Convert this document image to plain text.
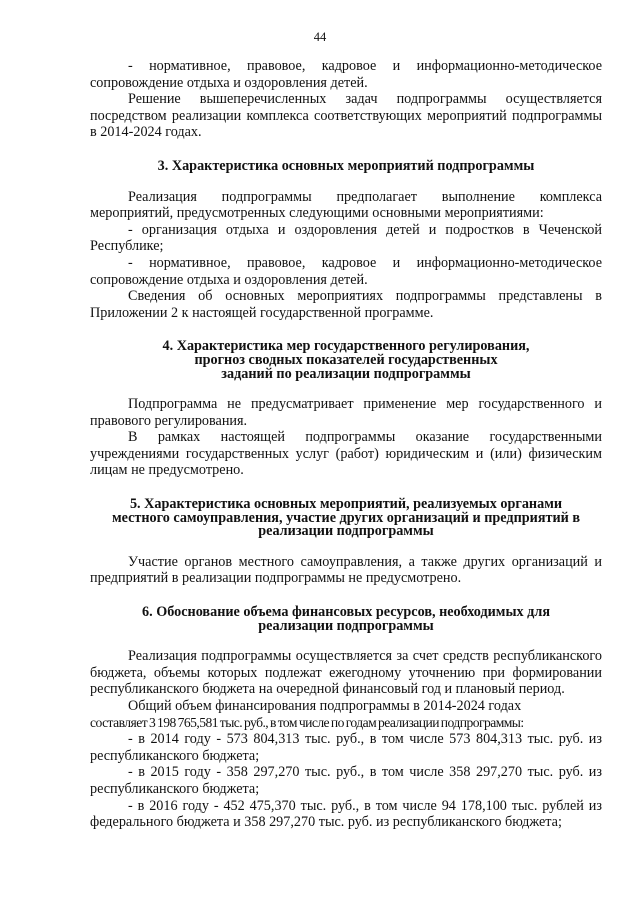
44

- нормативное, правовое, кадровое и информационно-методическое сопровождение отдыха и оздоровления детей.

Решение вышеперечисленных задач подпрограммы осуществляется посредством реализации комплекса соответствующих мероприятий подпрограммы в 2014-2024 годах.

3. Характеристика основных мероприятий подпрограммы

Реализация подпрограммы предполагает выполнение комплекса мероприятий, предусмотренных следующими основными мероприятиями:

- организация отдыха и оздоровления детей и подростков в Чеченской Республике;

- нормативное, правовое, кадровое и информационно-методическое сопровождение отдыха и оздоровления детей.

Сведения об основных мероприятиях подпрограммы представлены в Приложении 2 к настоящей государственной программе.

4. Характеристика мер государственного регулирования,

прогноз сводных показателей государственных

заданий по реализации подпрограммы

Подпрограмма не предусматривает применение мер государственного и правового регулирования.

В рамках настоящей подпрограммы оказание государственными учреждениями государственных услуг (работ) юридическим и (или) физическим лицам не предусмотрено.

5. Характеристика основных мероприятий, реализуемых органами

местного самоуправления, участие других организаций и предприятий в

реализации подпрограммы

Участие органов местного самоуправления, а также других организаций и предприятий в реализации подпрограммы не предусмотрено.

6. Обоснование объема финансовых ресурсов, необходимых для

реализации подпрограммы

Реализация подпрограммы осуществляется за счет средств республиканского бюджета, объемы которых подлежат ежегодному уточнению при формировании республиканского бюджета на очередной финансовый год и плановый период.

Общий объем финансирования подпрограммы в 2014-2024 годах

составляет 3 198 765,581 тыс. руб., в том числе по годам реализации подпрограммы:

- в 2014 году - 573 804,313 тыс. руб., в том числе 573 804,313 тыс. руб. из республиканского бюджета;

- в 2015 году - 358 297,270 тыс. руб., в том числе 358 297,270 тыс. руб. из республиканского бюджета;

- в 2016 году - 452 475,370 тыс. руб., в том числе 94 178,100 тыс. рублей из федерального бюджета и 358 297,270 тыс. руб. из республиканского бюджета;
